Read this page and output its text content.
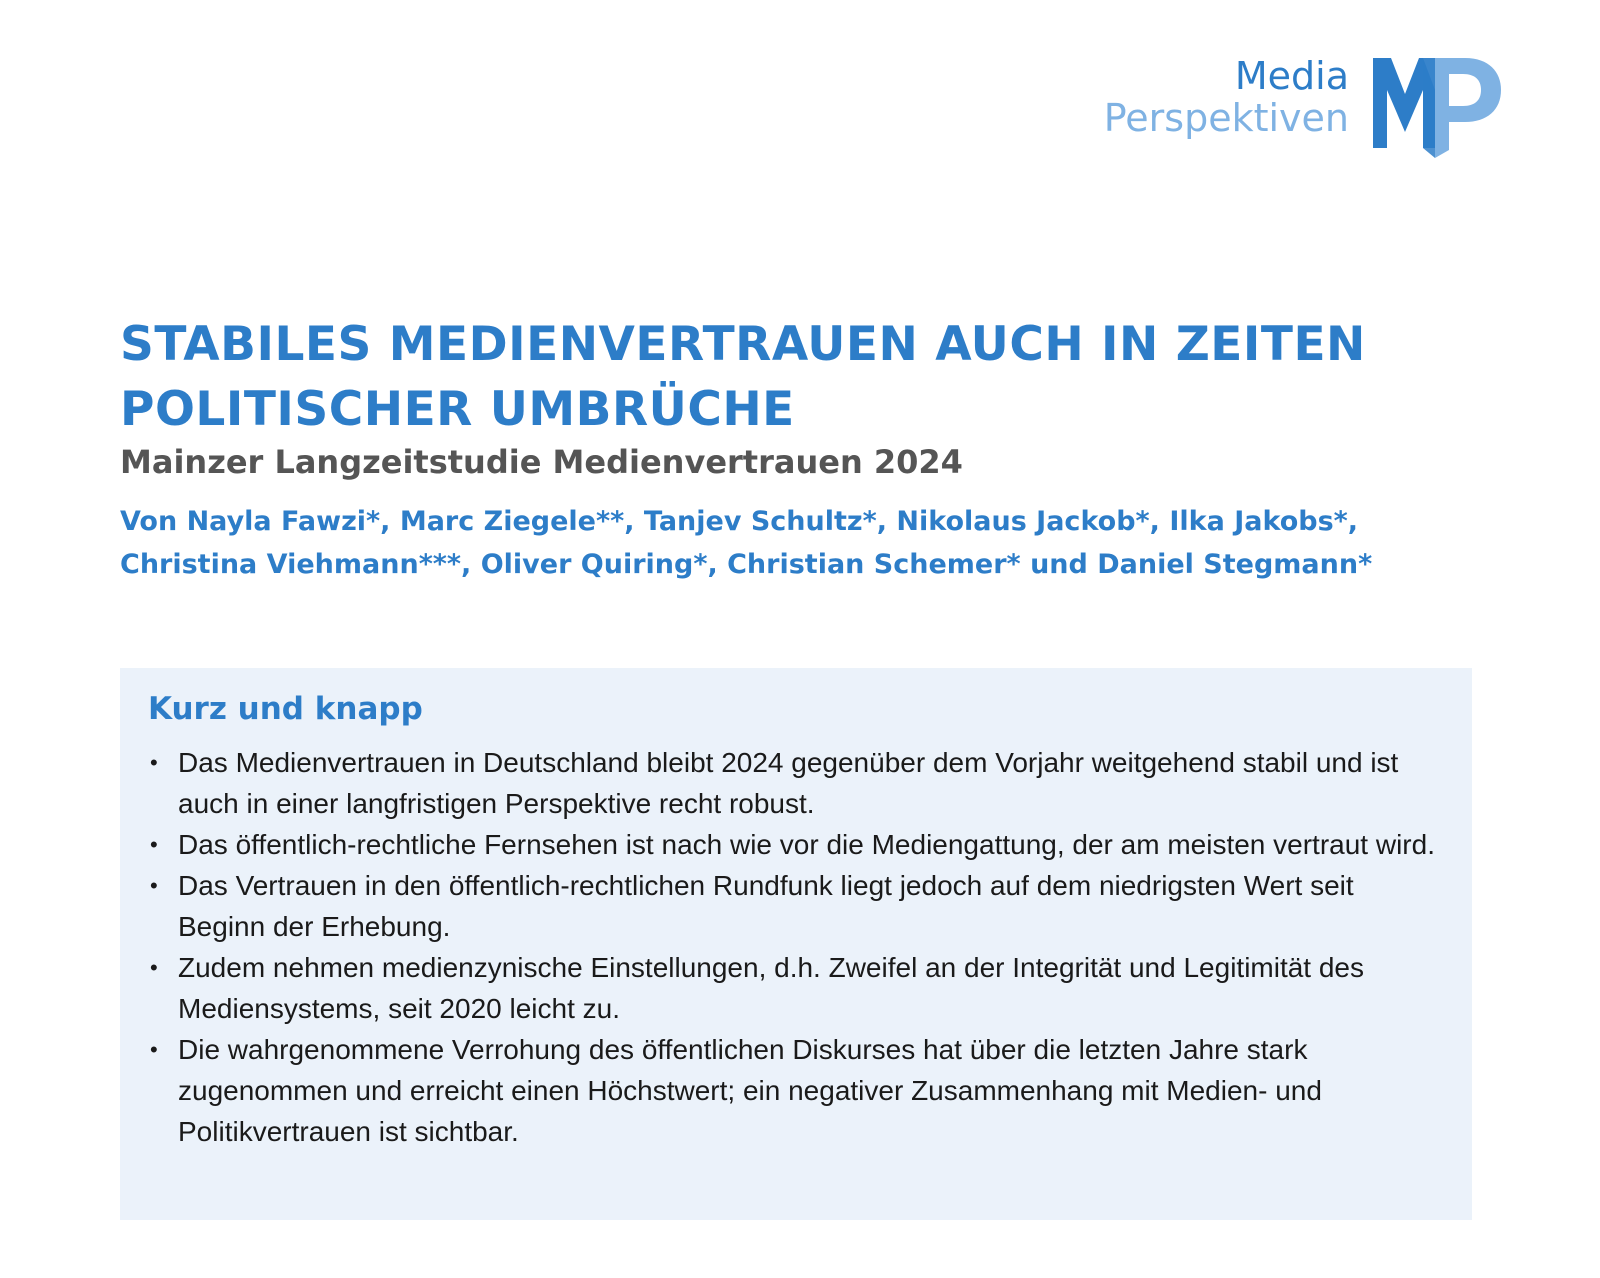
Media
Perspektiven
STABILES MEDIENVERTRAUEN AUCH IN ZEITEN
POLITISCHER UMBRÜCHE
Mainzer Langzeitstudie Medienvertrauen 2024
Von Nayla Fawzi*, Marc Ziegele**, Tanjev Schultz*, Nikolaus Jackob*, Ilka Jakobs*,
Christina Viehmann***, Oliver Quiring*, Christian Schemer* und Daniel Stegmann*
Kurz und knapp
• Das Medienvertrauen in Deutschland bleibt 2024 gegenüber dem Vorjahr weitgehend stabil und ist auch in einer langfristigen Perspektive recht robust.
• Das öffentlich-rechtliche Fernsehen ist nach wie vor die Mediengattung, der am meisten vertraut wird.
• Das Vertrauen in den öffentlich-rechtlichen Rundfunk liegt jedoch auf dem niedrigsten Wert seit Beginn der Erhebung.
• Zudem nehmen medienzynische Einstellungen, d.h. Zweifel an der Integrität und Legitimität des Mediensystems, seit 2020 leicht zu.
• Die wahrgenommene Verrohung des öffentlichen Diskurses hat über die letzten Jahre stark zugenommen und erreicht einen Höchstwert; ein negativer Zusammenhang mit Medien- und Politikvertrauen ist sichtbar.
